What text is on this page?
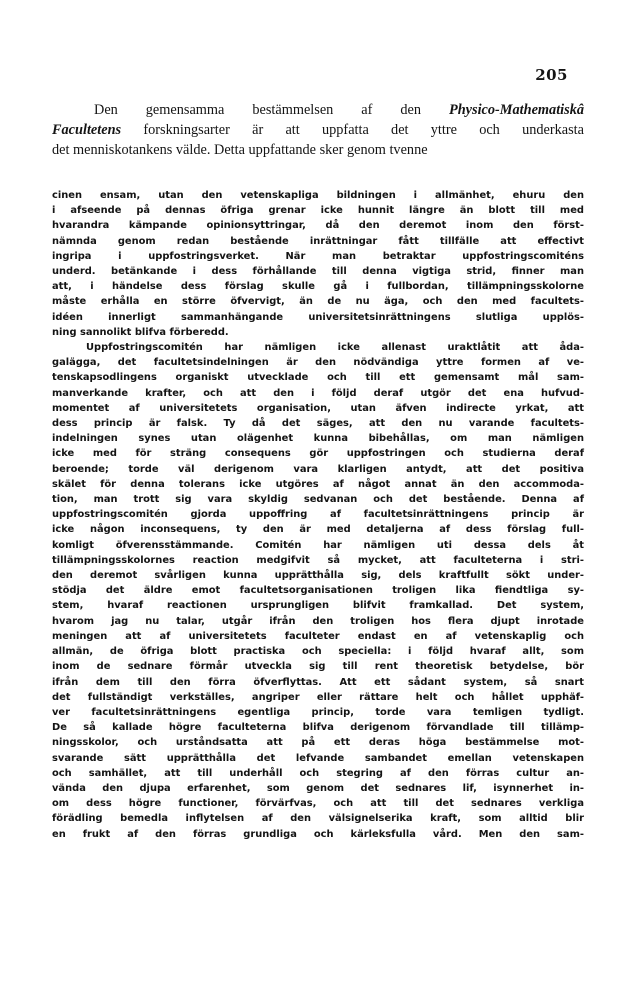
205
Den gemensamma bestämmelsen af den Physico-Mathematiskâ
Facultetens forskningsarter är att uppfatta det yttre och underkasta
det menniskotankens välde. Detta uppfattande sker genom tvenne
cinen ensam, utan den vetenskapliga bildningen i allmänhet, ehuru den
i afseende på dennas öfriga grenar icke hunnit längre än blott till med
hvarandra kämpande opinionsyttringar, då den deremot inom den först-
nämnda genom redan bestående inrättningar fått tillfälle att effectivt
ingripa i uppfostringsverket. När man betraktar uppfostringscomiténs
underd. betänkande i dess förhållande till denna vigtiga strid, finner man
att, i händelse dess förslag skulle gå i fullbordan, tillämpningsskolorne
måste erhålla en större öfvervigt, än de nu äga, och den med facultets-
idéen innerligt sammanhängande universitetsinrättningens slutliga upplös-
ning sannolikt blifva förberedd.
Uppfostringscomitén har nämligen icke allenast uraktlåtit att åda-
galägga, det facultetsindelningen är den nödvändiga yttre formen af ve-
tenskapsodlingens organiskt utvecklade och till ett gemensamt mål sam-
manverkande krafter, och att den i följd deraf utgör det ena hufvud-
momentet af universitetets organisation, utan äfven indirecte yrkat, att
dess princip är falsk. Ty då det säges, att den nu varande facultets-
indelningen synes utan olägenhet kunna bibehållas, om man nämligen
icke med för sträng consequens gör uppfostringen och studierna deraf
beroende; torde väl derigenom vara klarligen antydt, att det positiva
skälet för denna tolerans icke utgöres af något annat än den accommoda-
tion, man trott sig vara skyldig sedvanan och det bestående. Denna af
uppfostringscomitén gjorda uppoffring af facultetsinrättningens princip är
icke någon inconsequens, ty den är med detaljerna af dess förslag full-
komligt öfverensstämmande. Comitén har nämligen uti dessa dels åt
tillämpningsskolornes reaction medgifvit så mycket, att faculteterna i stri-
den deremot svårligen kunna upprätthålla sig, dels kraftfullt sökt under-
stödja det äldre emot facultetsorganisationen troligen lika fiendtliga sy-
stem, hvaraf reactionen ursprungligen blifvit framkallad. Det system,
hvarom jag nu talar, utgår ifrån den troligen hos flera djupt inrotade
meningen att af universitetets faculteter endast en af vetenskaplig och
allmän, de öfriga blott practiska och speciella: i följd hvaraf allt, som
inom de sednare förmår utveckla sig till rent theoretisk betydelse, bör
ifrån dem till den förra öfverflyttas. Att ett sådant system, så snart
det fullständigt verkställes, angriper eller rättare helt och hållet upphäf-
ver facultetsinrättningens egentliga princip, torde vara temligen tydligt.
De så kallade högre faculteterna blifva derigenom förvandlade till tillämp-
ningsskolor, och urståndsatta att på ett deras höga bestämmelse mot-
svarande sätt upprätthålla det lefvande sambandet emellan vetenskapen
och samhället, att till underhåll och stegring af den förras cultur an-
vända den djupa erfarenhet, som genom det sednares lif, isynnerhet in-
om dess högre functioner, förvärfvas, och att till det sednares verkliga
förädling bemedla inflytelsen af den välsignelserika kraft, som alltid blir
en frukt af den förras grundliga och kärleksfulla vård. Men den sam-
